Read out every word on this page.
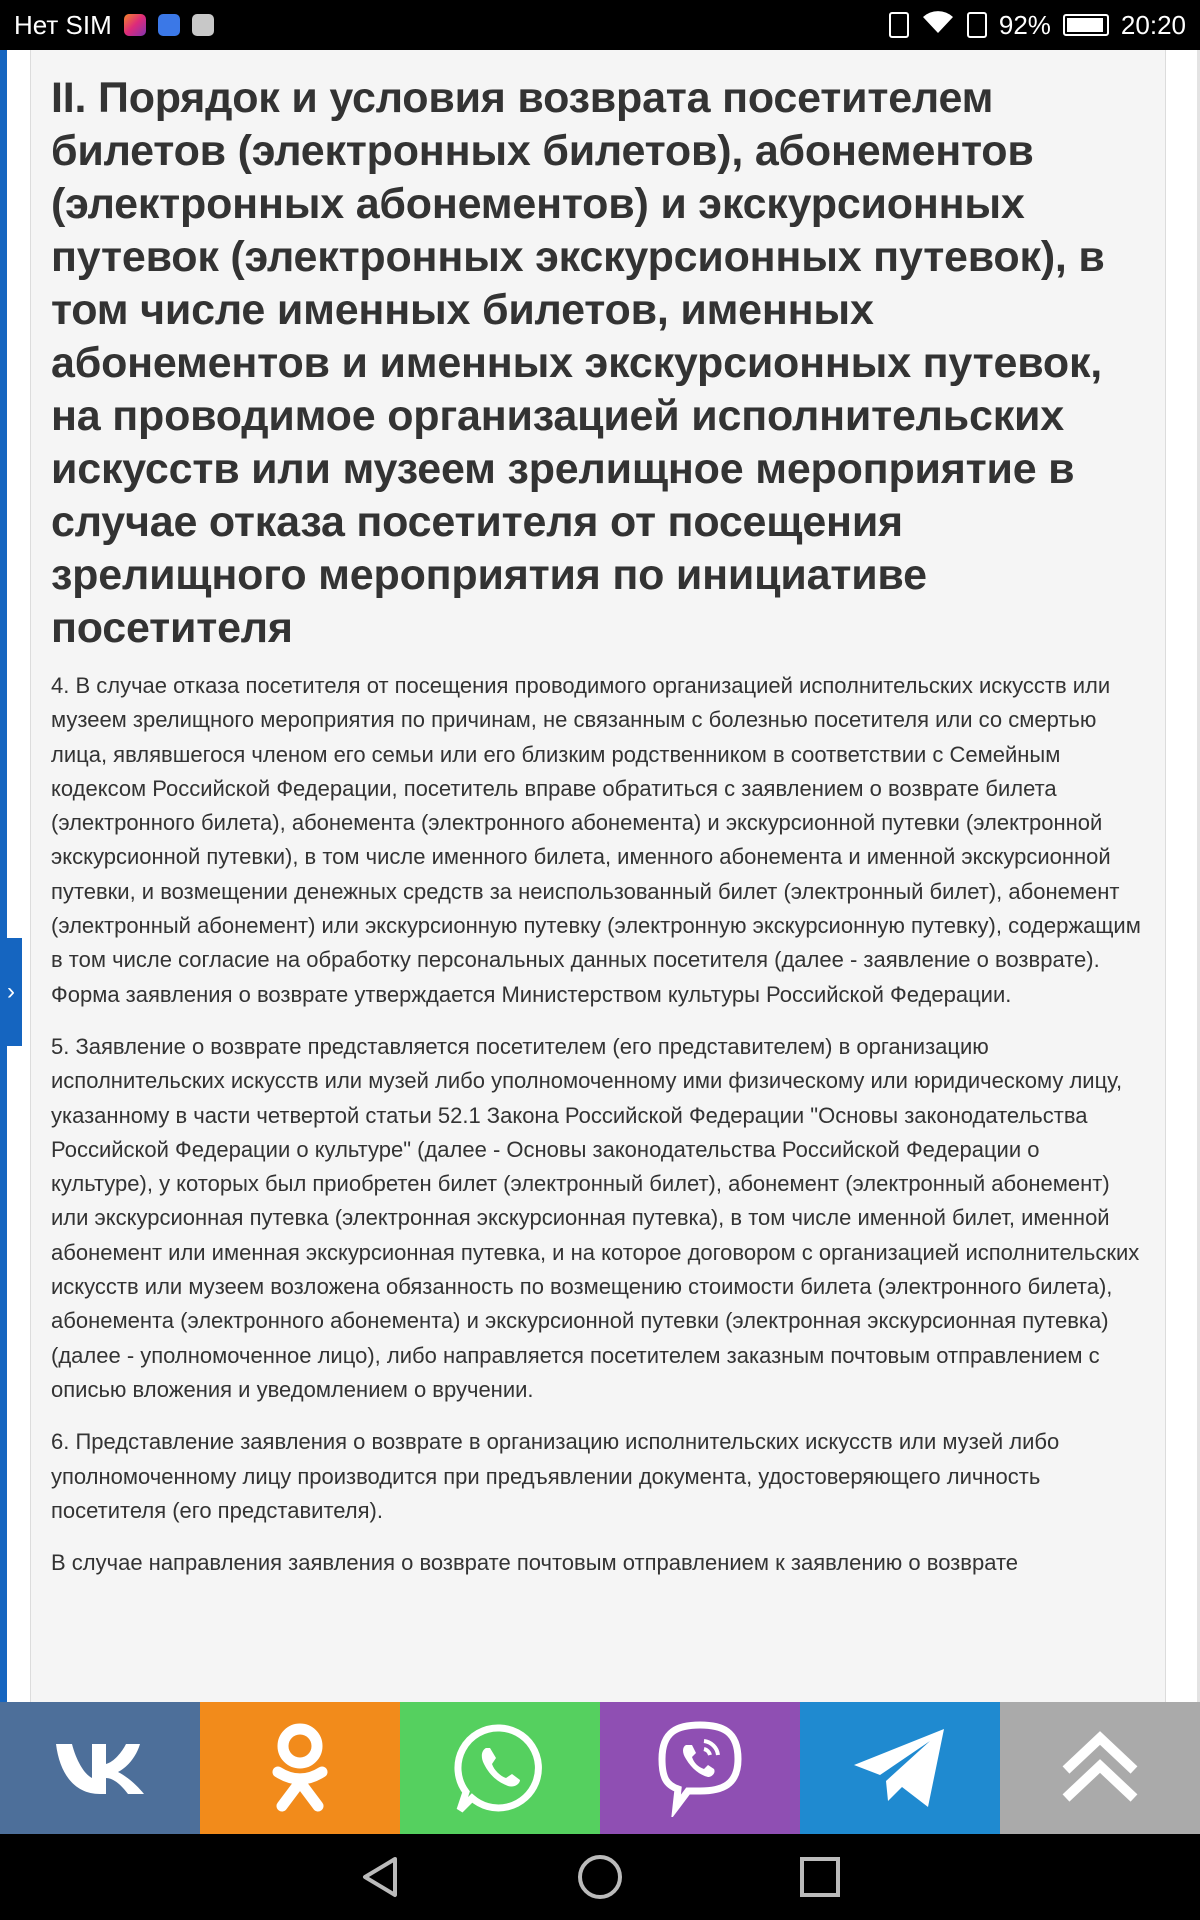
Нет SIM	92%	20:20
II. Порядок и условия возврата посетителем билетов (электронных билетов), абонементов (электронных абонементов) и экскурсионных путевок (электронных экскурсионных путевок), в том числе именных билетов, именных абонементов и именных экскурсионных путевок, на проводимое организацией исполнительских искусств или музеем зрелищное мероприятие в случае отказа посетителя от посещения зрелищного мероприятия по инициативе посетителя

4. В случае отказа посетителя от посещения проводимого организацией исполнительских искусств или музеем зрелищного мероприятия по причинам, не связанным с болезнью посетителя или со смертью лица, являвшегося членом его семьи или его близким родственником в соответствии с Семейным кодексом Российской Федерации, посетитель вправе обратиться с заявлением о возврате билета (электронного билета), абонемента (электронного абонемента) и экскурсионной путевки (электронной экскурсионной путевки), в том числе именного билета, именного абонемента и именной экскурсионной путевки, и возмещении денежных средств за неиспользованный билет (электронный билет), абонемент (электронный абонемент) или экскурсионную путевку (электронную экскурсионную путевку), содержащим в том числе согласие на обработку персональных данных посетителя (далее - заявление о возврате). Форма заявления о возврате утверждается Министерством культуры Российской Федерации.

5. Заявление о возврате представляется посетителем (его представителем) в организацию исполнительских искусств или музей либо уполномоченному ими физическому или юридическому лицу, указанному в части четвертой статьи 52.1 Закона Российской Федерации "Основы законодательства Российской Федерации о культуре" (далее - Основы законодательства Российской Федерации о культуре), у которых был приобретен билет (электронный билет), абонемент (электронный абонемент) или экскурсионная путевка (электронная экскурсионная путевка), в том числе именной билет, именной абонемент или именная экскурсионная путевка, и на которое договором с организацией исполнительских искусств или музеем возложена обязанность по возмещению стоимости билета (электронного билета), абонемента (электронного абонемента) и экскурсионной путевки (электронная экскурсионная путевка) (далее - уполномоченное лицо), либо направляется посетителем заказным почтовым отправлением с описью вложения и уведомлением о вручении.

6. Представление заявления о возврате в организацию исполнительских искусств или музей либо уполномоченному лицу производится при предъявлении документа, удостоверяющего личность посетителя (его представителя).

В случае направления заявления о возврате почтовым отправлением к заявлению о возврате

›
